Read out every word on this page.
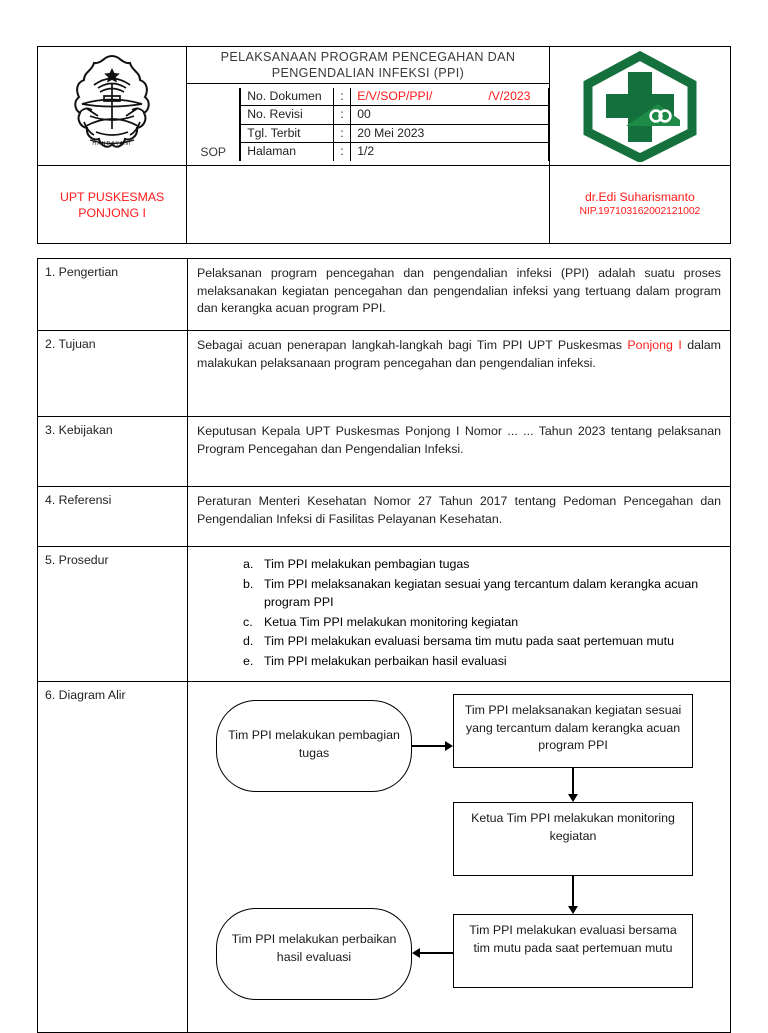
HANDAYANI
	PELAKSANAAN PROGRAM PENCEGAHAN DAN PENGENDALIAN INFEKSI (PPI)	

SOP	
No. Dokumen	:	E/V/SOP/PPI/	/V/2023
No. Revisi	:	00
Tgl. Terbit	:	20 Mei 2023
Halaman	:	1/2

UPT PUSKESMAS
PONJONG I

dr.Edi Suharismanto
NIP.197103162002121002
1. Pengertian	Pelaksanan program pencegahan dan pengendalian infeksi (PPI) adalah suatu proses melaksanakan kegiatan pencegahan dan pengendalian infeksi yang tertuang dalam program dan kerangka acuan program PPI.
2. Tujuan	Sebagai acuan penerapan langkah-langkah bagi Tim PPI UPT Puskesmas Ponjong I dalam malakukan pelaksanaan program pencegahan dan pengendalian infeksi.
3. Kebijakan	Keputusan Kepala UPT Puskesmas Ponjong I Nomor ... ... Tahun 2023 tentang pelaksanan Program Pencegahan dan Pengendalian Infeksi.
4. Referensi	Peraturan Menteri Kesehatan Nomor 27 Tahun 2017 tentang Pedoman Pencegahan dan Pengendalian Infeksi di Fasilitas Pelayanan Kesehatan.
5. Prosedur	a. Tim PPI melakukan pembagian tugas
b. Tim PPI melaksanakan kegiatan sesuai yang tercantum dalam kerangka acuan program PPI
c. Ketua Tim PPI melakukan monitoring kegiatan
d. Tim PPI melakukan evaluasi bersama tim mutu pada saat pertemuan mutu
e. Tim PPI melakukan perbaikan hasil evaluasi

6. Diagram Alir	Tim PPI melakukan pembagian tugas
Tim PPI melaksanakan kegiatan sesuai yang tercantum dalam kerangka acuan program PPI
Ketua Tim PPI melakukan monitoring kegiatan
Tim PPI melakukan evaluasi bersama tim mutu pada saat pertemuan mutu
Tim PPI melakukan perbaikan hasil evaluasi
